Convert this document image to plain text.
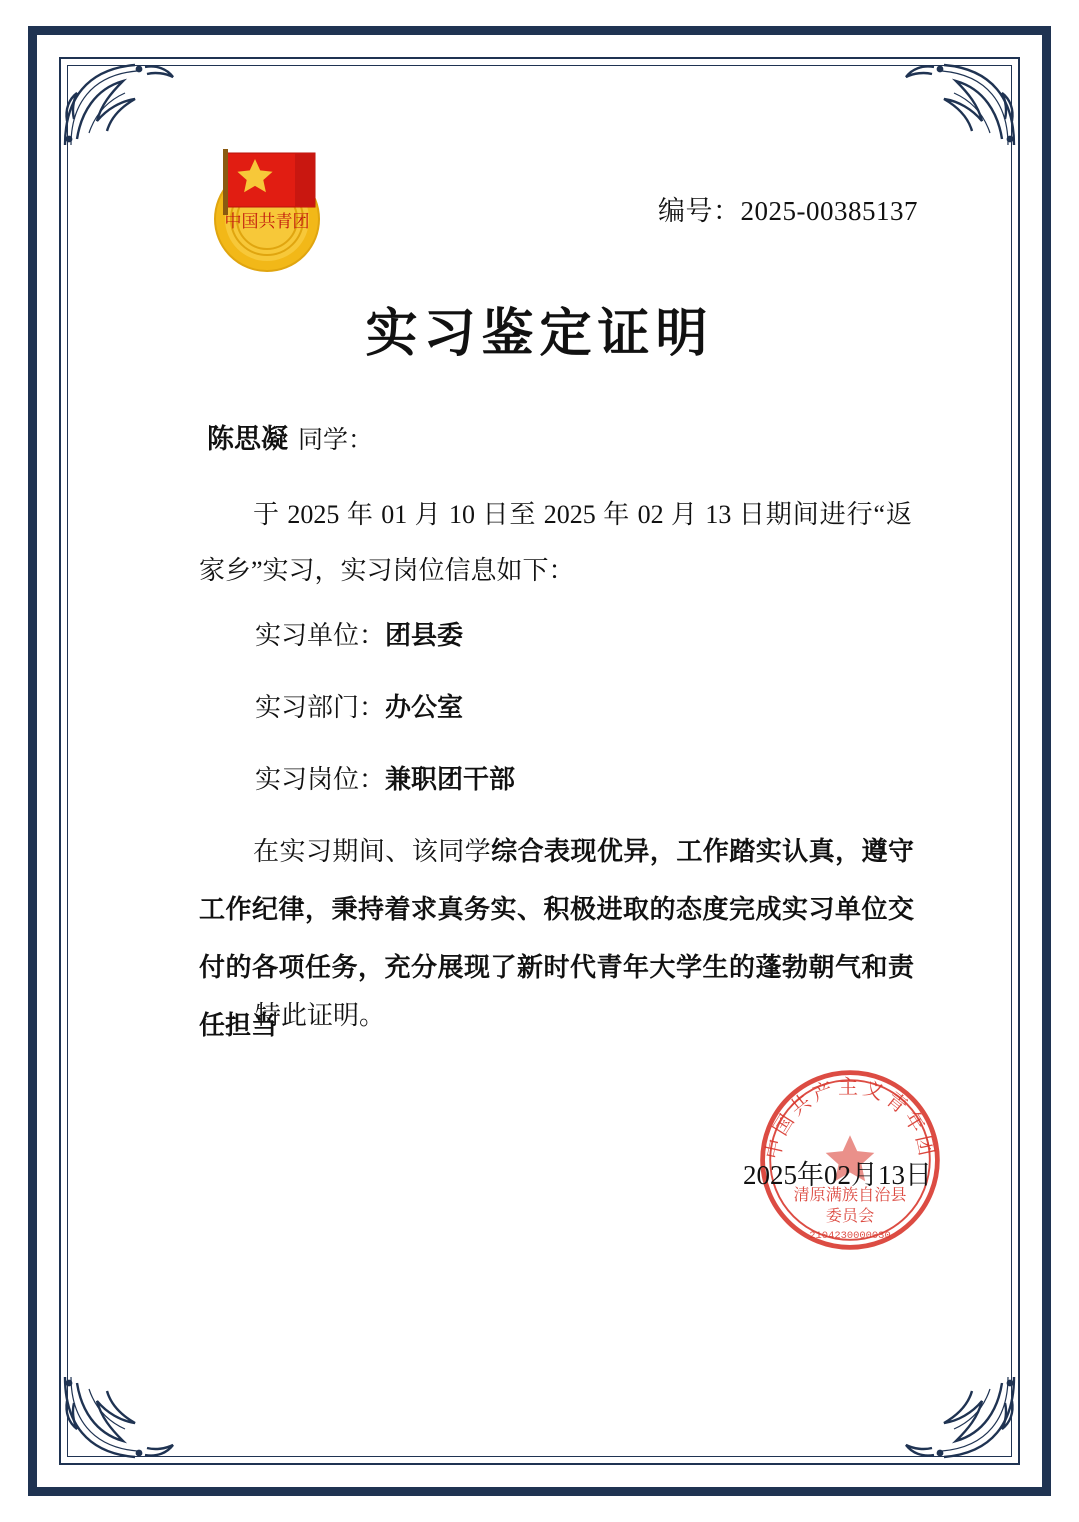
中国共青团	编号：2025-00385137
实习鉴定证明
陈思凝 同学：
于 2025 年 01 月 10 日至 2025 年 02 月 13 日期间进行“返家乡”实习，实习岗位信息如下：
实习单位：团县委
实习部门：办公室
实习岗位：兼职团干部
在实习期间、该同学综合表现优异，工作踏实认真，遵守工作纪律，秉持着求真务实、积极进取的态度完成实习单位交付的各项任务，充分展现了新时代青年大学生的蓬勃朝气和责任担当
特此证明。
中国共产主义青年团
清原满族自治县
委员会
2104230000030
2025年02月13日
